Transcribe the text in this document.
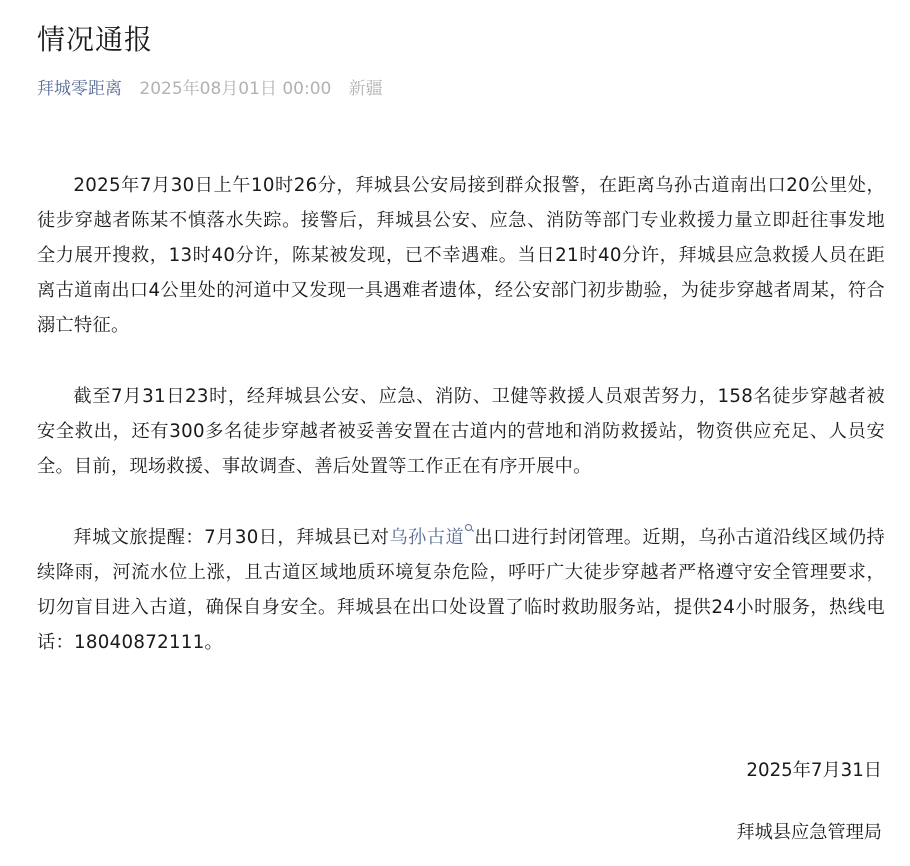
情况通报
拜城零距离 2025年08月01日 00:00 新疆

2025年7月30日上午10时26分，拜城县公安局接到群众报警，在距离乌孙古道南出口20公里处，徒步穿越者陈某不慎落水失踪。接警后，拜城县公安、应急、消防等部门专业救援力量立即赶往事发地全力展开搜救，13时40分许，陈某被发现，已不幸遇难。当日21时40分许，拜城县应急救援人员在距离古道南出口4公里处的河道中又发现一具遇难者遗体，经公安部门初步勘验，为徒步穿越者周某，符合溺亡特征。

截至7月31日23时，经拜城县公安、应急、消防、卫健等救援人员艰苦努力，158名徒步穿越者被安全救出，还有300多名徒步穿越者被妥善安置在古道内的营地和消防救援站，物资供应充足、人员安全。目前，现场救援、事故调查、善后处置等工作正在有序开展中。

拜城文旅提醒：7月30日，拜城县已对乌孙古道 出口进行封闭管理。近期，乌孙古道沿线区域仍持续降雨，河流水位上涨，且古道区域地质环境复杂危险，呼吁广大徒步穿越者严格遵守安全管理要求，切勿盲目进入古道，确保自身安全。拜城县在出口处设置了临时救助服务站，提供24小时服务，热线电话：18040872111。

2025年7月31日
拜城县应急管理局
